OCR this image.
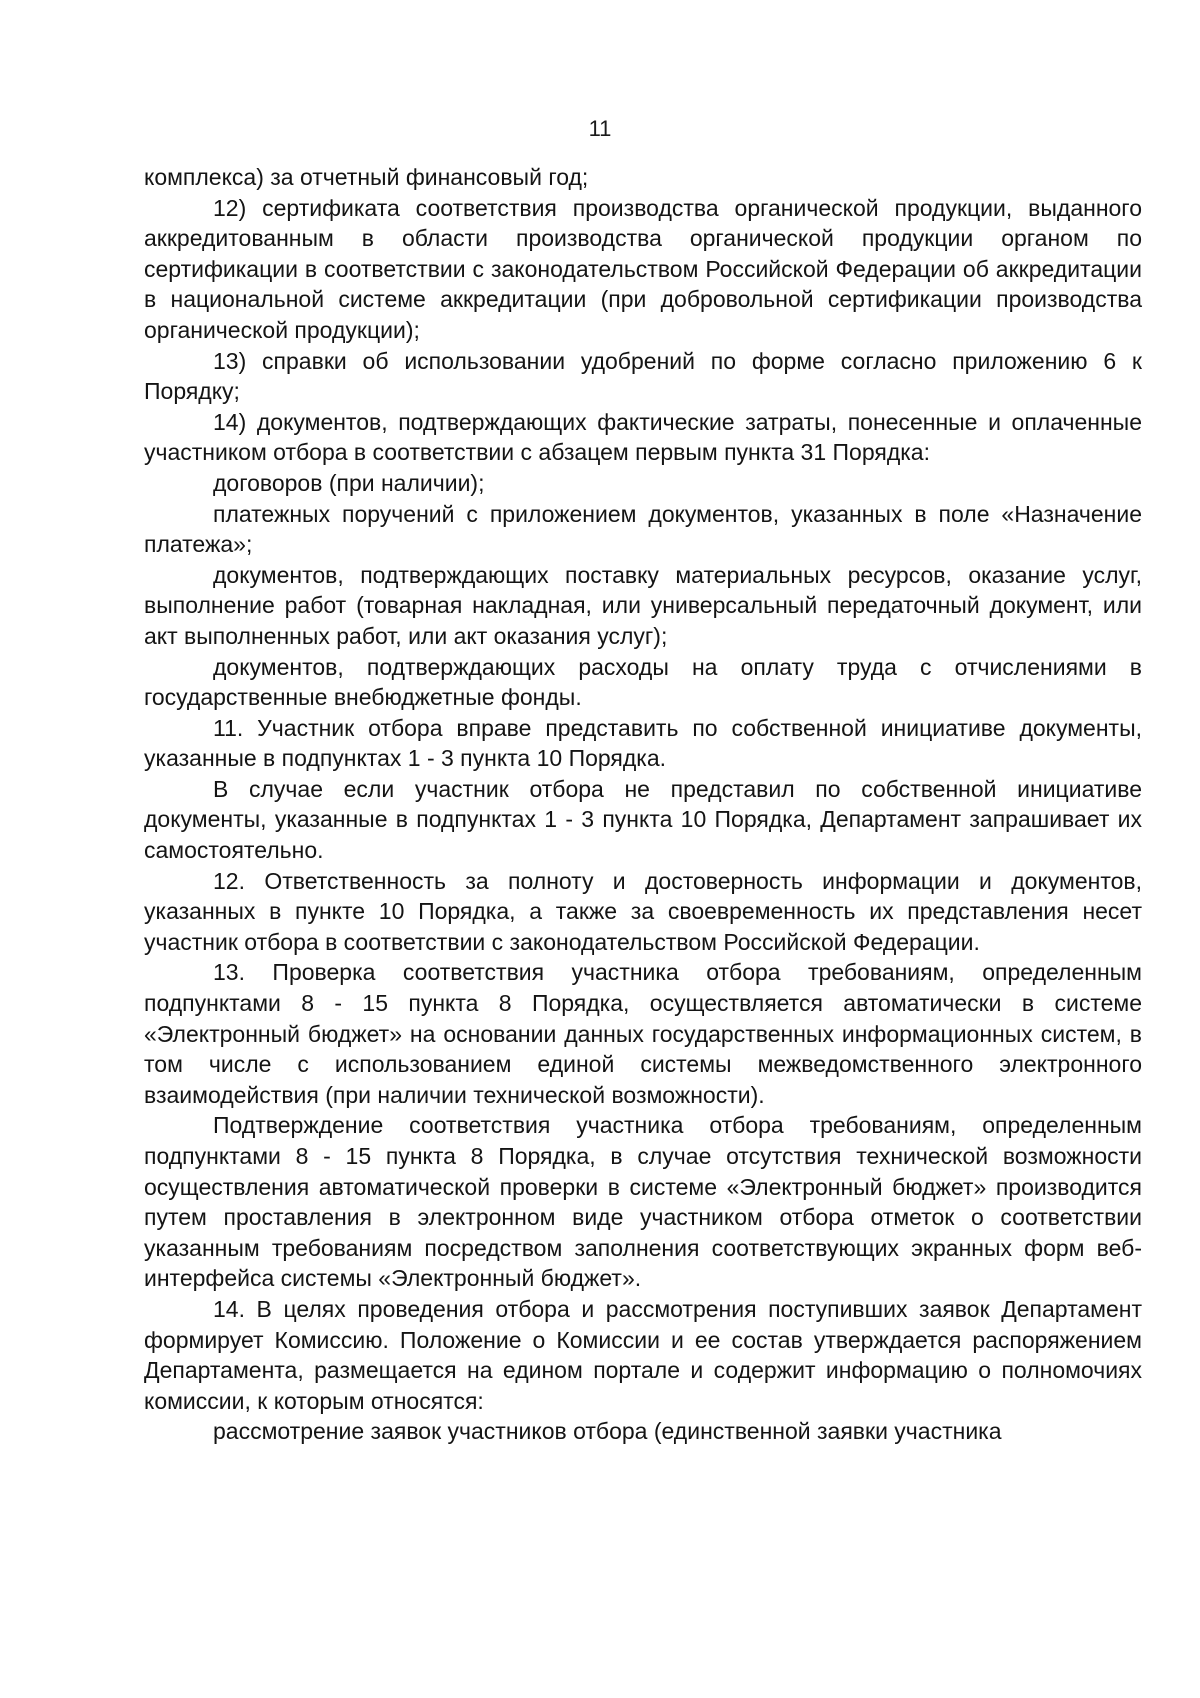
11

комплекса) за отчетный финансовый год;

12) сертификата соответствия производства органической продукции, выданного аккредитованным в области производства органической продукции органом по сертификации в соответствии с законодательством Российской Федерации об аккредитации в национальной системе аккредитации (при добровольной сертификации производства органической продукции);

13) справки об использовании удобрений по форме согласно приложению 6 к Порядку;

14) документов, подтверждающих фактические затраты, понесенные и оплаченные участником отбора в соответствии с абзацем первым пункта 31 Порядка:

договоров (при наличии);

платежных поручений с приложением документов, указанных в поле «Назначение платежа»;

документов, подтверждающих поставку материальных ресурсов, оказание услуг, выполнение работ (товарная накладная, или универсальный передаточный документ, или акт выполненных работ, или акт оказания услуг);

документов, подтверждающих расходы на оплату труда с отчислениями в государственные внебюджетные фонды.

11. Участник отбора вправе представить по собственной инициативе документы, указанные в подпунктах 1 - 3 пункта 10 Порядка.

В случае если участник отбора не представил по собственной инициативе документы, указанные в подпунктах 1 - 3 пункта 10 Порядка, Департамент запрашивает их самостоятельно.

12. Ответственность за полноту и достоверность информации и документов, указанных в пункте 10 Порядка, а также за своевременность их представления несет участник отбора в соответствии с законодательством Российской Федерации.

13. Проверка соответствия участника отбора требованиям, определенным подпунктами 8 - 15 пункта 8 Порядка, осуществляется автоматически в системе «Электронный бюджет» на основании данных государственных информационных систем, в том числе с использованием единой системы межведомственного электронного взаимодействия (при наличии технической возможности).

Подтверждение соответствия участника отбора требованиям, определенным подпунктами 8 - 15 пункта 8 Порядка, в случае отсутствия технической возможности осуществления автоматической проверки в системе «Электронный бюджет» производится путем проставления в электронном виде участником отбора отметок о соответствии указанным требованиям посредством заполнения соответствующих экранных форм веб-интерфейса системы «Электронный бюджет».

14. В целях проведения отбора и рассмотрения поступивших заявок Департамент формирует Комиссию. Положение о Комиссии и ее состав утверждается распоряжением Департамента, размещается на едином портале и содержит информацию о полномочиях комиссии, к которым относятся:

рассмотрение заявок участников отбора (единственной заявки участника
